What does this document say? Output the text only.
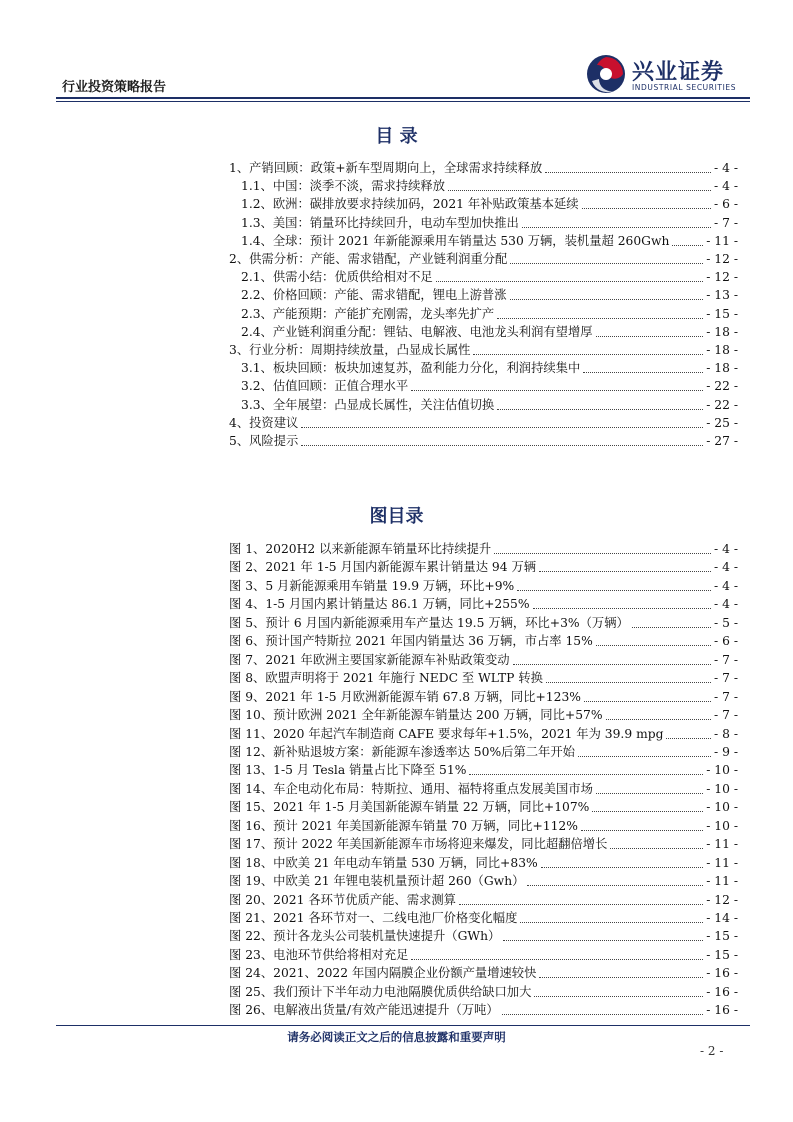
行业投资策略报告
兴业证券
INDUSTRIAL SECURITIES
目 录
1、产销回顾：政策+新车型周期向上，全球需求持续释放	- 4 -
1.1、中国：淡季不淡，需求持续释放	- 4 -
1.2、欧洲：碳排放要求持续加码，2021 年补贴政策基本延续	- 6 -
1.3、美国：销量环比持续回升，电动车型加快推出	- 7 -
1.4、全球：预计 2021 年新能源乘用车销量达 530 万辆，装机量超 260Gwh	- 11 -
2、供需分析：产能、需求错配，产业链利润重分配	- 12 -
2.1、供需小结：优质供给相对不足	- 12 -
2.2、价格回顾：产能、需求错配，锂电上游普涨	- 13 -
2.3、产能预期：产能扩充刚需，龙头率先扩产	- 15 -
2.4、产业链利润重分配：锂钴、电解液、电池龙头利润有望增厚	- 18 -
3、行业分析：周期持续放量，凸显成长属性	- 18 -
3.1、板块回顾：板块加速复苏，盈利能力分化，利润持续集中	- 18 -
3.2、估值回顾：正值合理水平	- 22 -
3.3、全年展望：凸显成长属性，关注估值切换	- 22 -
4、投资建议	- 25 -
5、风险提示	- 27 -
图目录
图 1、2020H2 以来新能源车销量环比持续提升	- 4 -
图 2、2021 年 1-5 月国内新能源车累计销量达 94 万辆	- 4 -
图 3、5 月新能源乘用车销量 19.9 万辆，环比+9%	- 4 -
图 4、1-5 月国内累计销量达 86.1 万辆，同比+255%	- 4 -
图 5、预计 6 月国内新能源乘用车产量达 19.5 万辆，环比+3%（万辆）	- 5 -
图 6、预计国产特斯拉 2021 年国内销量达 36 万辆，市占率 15%	- 6 -
图 7、2021 年欧洲主要国家新能源车补贴政策变动	- 7 -
图 8、欧盟声明将于 2021 年施行 NEDC 至 WLTP 转换	- 7 -
图 9、2021 年 1-5 月欧洲新能源车销 67.8 万辆，同比+123%	- 7 -
图 10、预计欧洲 2021 全年新能源车销量达 200 万辆，同比+57%	- 7 -
图 11、2020 年起汽车制造商 CAFE 要求每年+1.5%，2021 年为 39.9 mpg	- 8 -
图 12、新补贴退坡方案：新能源车渗透率达 50%后第二年开始	- 9 -
图 13、1-5 月 Tesla 销量占比下降至 51%	- 10 -
图 14、车企电动化布局：特斯拉、通用、福特将重点发展美国市场	- 10 -
图 15、2021 年 1-5 月美国新能源车销量 22 万辆，同比+107%	- 10 -
图 16、预计 2021 年美国新能源车销量 70 万辆，同比+112%	- 10 -
图 17、预计 2022 年美国新能源车市场将迎来爆发，同比超翻倍增长	- 11 -
图 18、中欧美 21 年电动车销量 530 万辆，同比+83%	- 11 -
图 19、中欧美 21 年锂电装机量预计超 260（Gwh）	- 11 -
图 20、2021 各环节优质产能、需求测算	- 12 -
图 21、2021 各环节对一、二线电池厂价格变化幅度	- 14 -
图 22、预计各龙头公司装机量快速提升（GWh）	- 15 -
图 23、电池环节供给将相对充足	- 15 -
图 24、2021、2022 年国内隔膜企业份额产量增速较快	- 16 -
图 25、我们预计下半年动力电池隔膜优质供给缺口加大	- 16 -
图 26、电解液出货量/有效产能迅速提升（万吨）	- 16 -
请务必阅读正文之后的信息披露和重要声明
- 2 -
